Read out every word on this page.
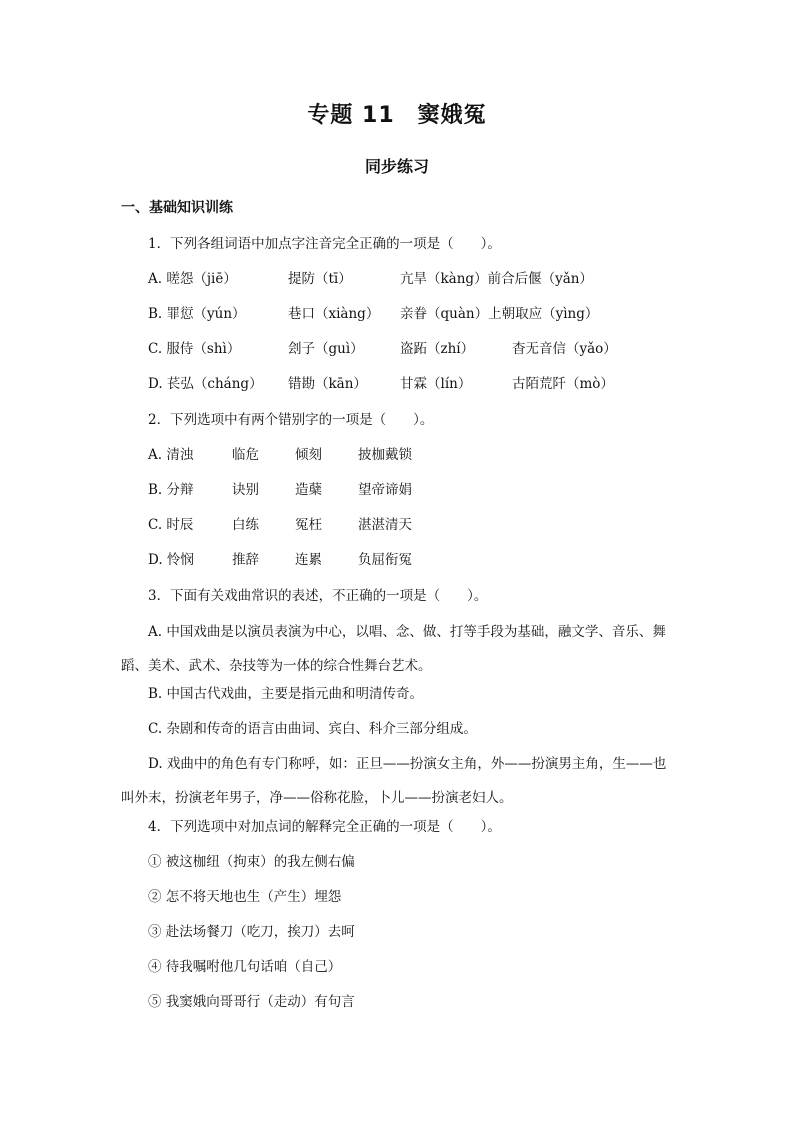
专题 11　窦娥冤
同步练习
一、基础知识训练
1．下列各组词语中加点字注音完全正确的一项是（　　）。
A. 嗟怨（jiē）	提防（tī）	亢旱（kàng）前合后偃（yǎn）
B. 罪愆（yún）	巷口（xiàng） 亲眷（quàn）上朝取应（yìng）
C. 服侍（shì）	刽子（guì）	盗跖（zhí）	杳无音信（yǎo）
D. 苌弘（cháng） 错勘（kān） 甘霖（lín）	古陌荒阡（mò）
2．下列选项中有两个错别字的一项是（　　）。
A. 清浊	临危	倾刻	披枷戴锁
B. 分辩	诀别	造蘖	望帝谛娟
C. 时辰	白练	冤枉	湛湛清天
D. 怜悯	推辞	连累	负屈衔冤
3．下面有关戏曲常识的表述，不正确的一项是（　　）。
A. 中国戏曲是以演员表演为中心，以唱、念、做、打等手段为基础，融文学、音乐、舞蹈、美术、武术、杂技等为一体的综合性舞台艺术。
B. 中国古代戏曲，主要是指元曲和明清传奇。
C. 杂剧和传奇的语言由曲词、宾白、科介三部分组成。
D. 戏曲中的角色有专门称呼，如：正旦——扮演女主角，外——扮演男主角，生——也叫外末，扮演老年男子，净——俗称花脸，卜儿——扮演老妇人。
4．下列选项中对加点词的解释完全正确的一项是（　　）。
① 被这枷纽（拘束）的我左侧右偏
② 怎不将天地也生（产生）埋怨
③ 赴法场餐刀（吃刀，挨刀）去呵
④ 待我嘱咐他几句话咱（自己）
⑤ 我窦娥向哥哥行（走动）有句言
